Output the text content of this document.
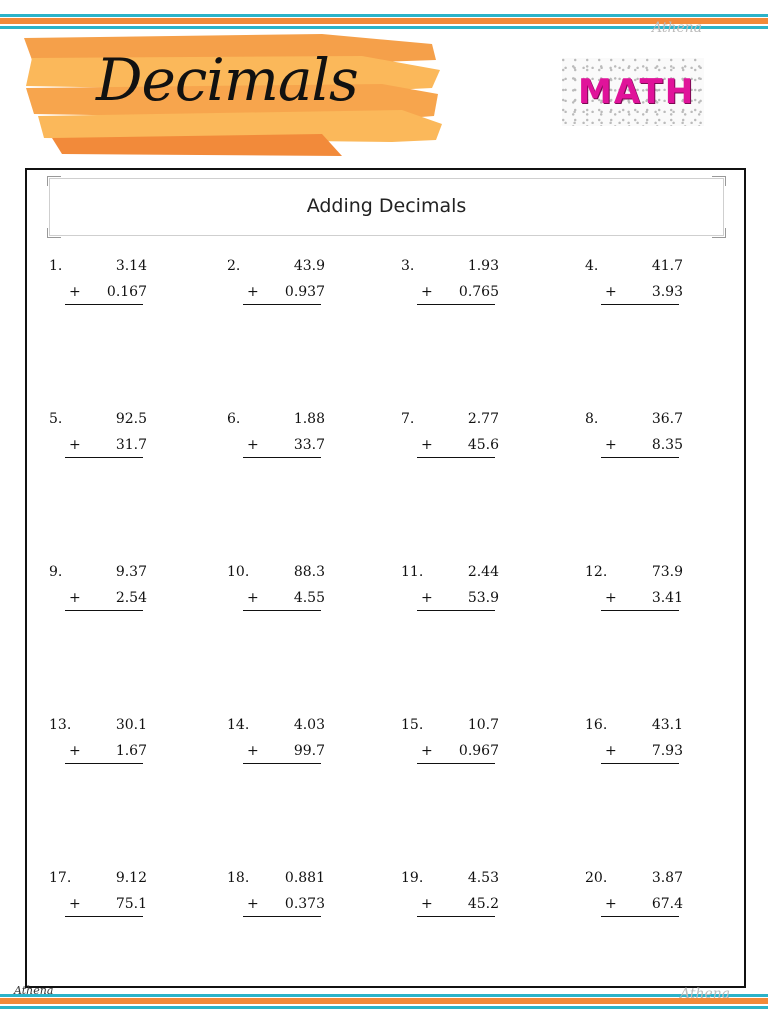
Decimals	MATH
Athena
Adding Decimals
1.	3.14
+	0.167
2.	43.9
+	0.937
3.	1.93
+	0.765
4.	41.7
+	3.93
5.	92.5
+	31.7
6.	1.88
+	33.7
7.	2.77
+	45.6
8.	36.7
+	8.35
9.	9.37
+	2.54
10.	88.3
+	4.55
11.	2.44
+	53.9
12.	73.9
+	3.41
13.	30.1
+	1.67
14.	4.03
+	99.7
15.	10.7
+	0.967
16.	43.1
+	7.93
17.	9.12
+	75.1
18.	0.881
+	0.373
19.	4.53
+	45.2
20.	3.87
+	67.4
Athena	Athena
